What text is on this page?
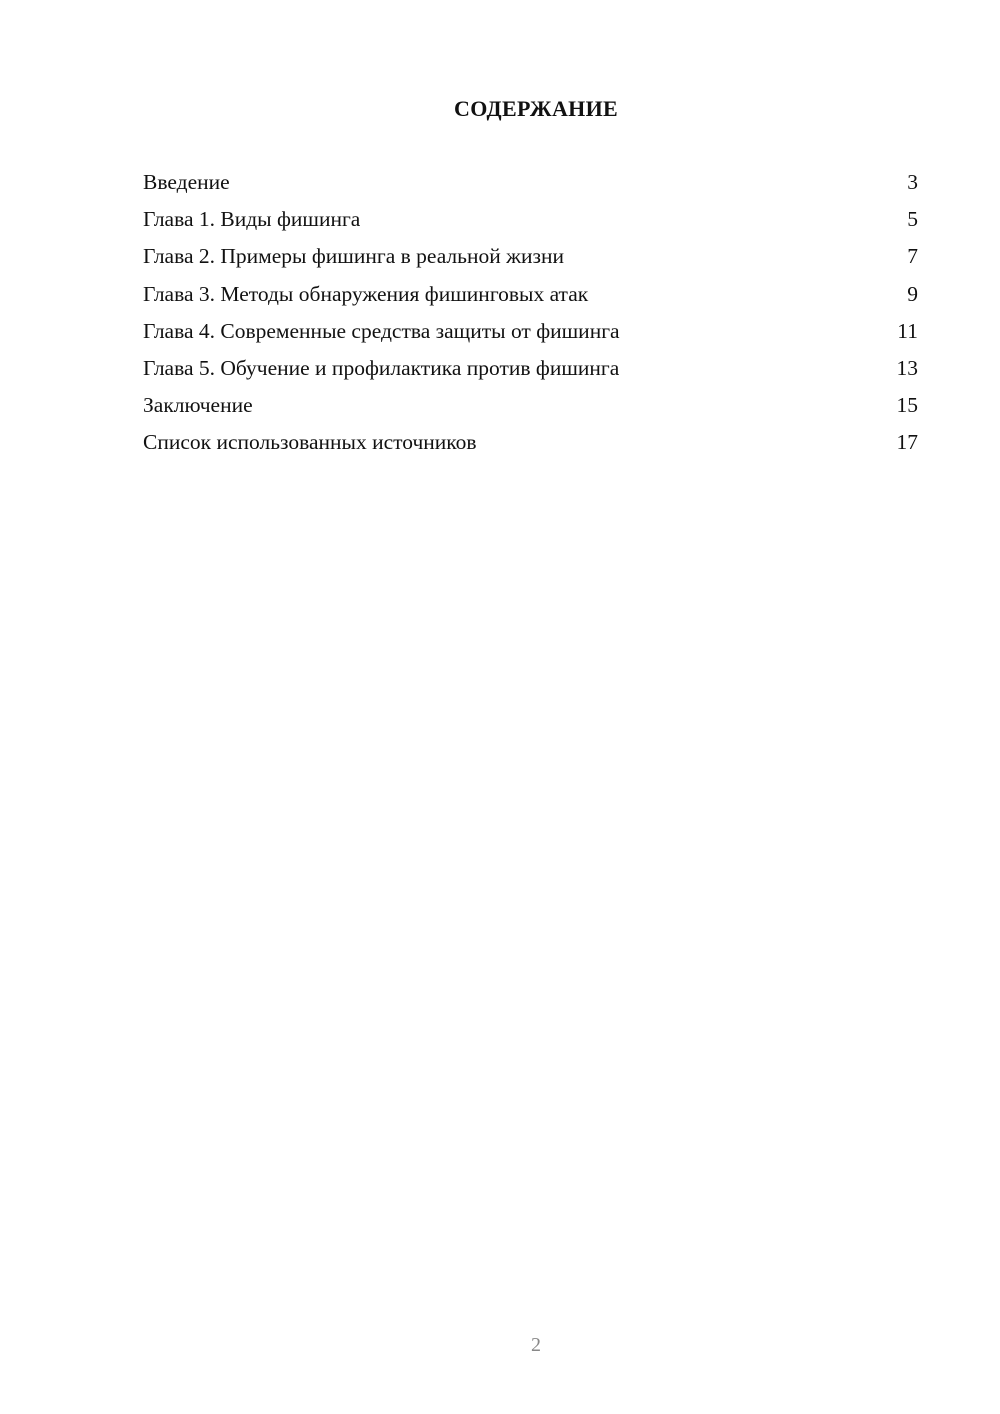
СОДЕРЖАНИЕ
Введение	3
Глава 1. Виды фишинга	5
Глава 2. Примеры фишинга в реальной жизни	7
Глава 3. Методы обнаружения фишинговых атак	9
Глава 4. Современные средства защиты от фишинга	11
Глава 5. Обучение и профилактика против фишинга	13
Заключение	15
Список использованных источников	17
2
